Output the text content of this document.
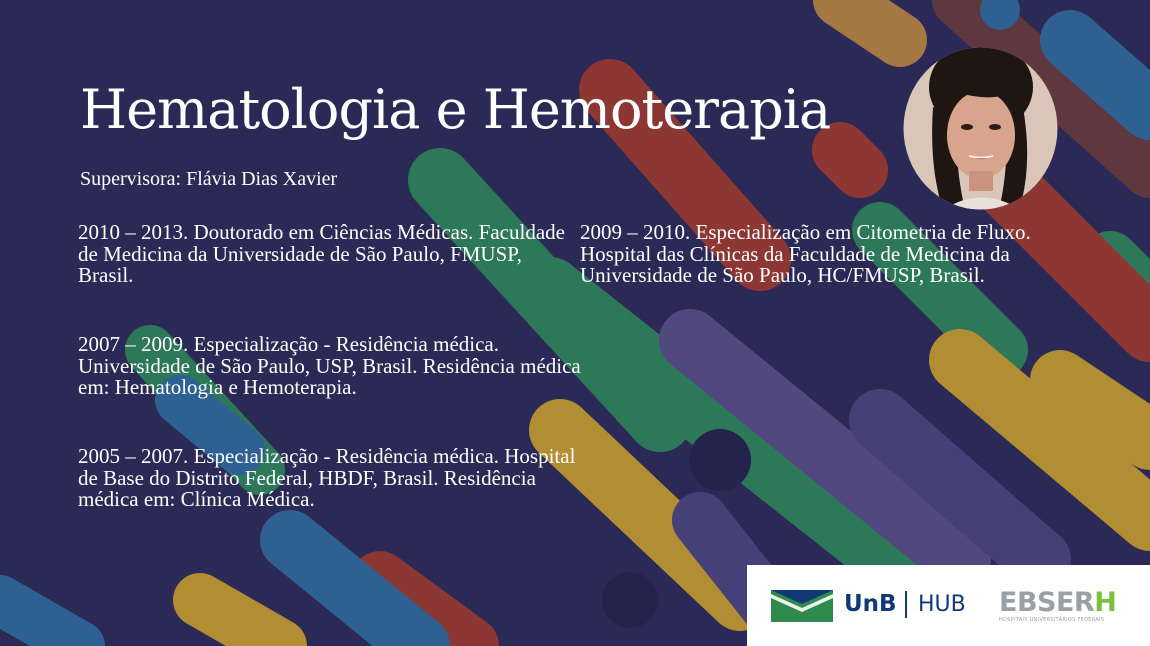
Hematologia e Hemoterapia
Supervisora: Flávia Dias Xavier

2010 – 2013. Doutorado em Ciências Médicas. Faculdade de Medicina da Universidade de São Paulo, FMUSP, Brasil.

2007 – 2009. Especialização - Residência médica. Universidade de São Paulo, USP, Brasil. Residência médica em: Hematologia e Hemoterapia.

2005 – 2007. Especialização - Residência médica. Hospital de Base do Distrito Federal, HBDF, Brasil. Residência médica em: Clínica Médica.

2009 – 2010. Especialização em Citometria de Fluxo. Hospital das Clínicas da Faculdade de Medicina da Universidade de São Paulo, HC/FMUSP, Brasil.

UnB HUB EBSERH
HOSPITAIS UNIVERSITÁRIOS FEDERAIS
